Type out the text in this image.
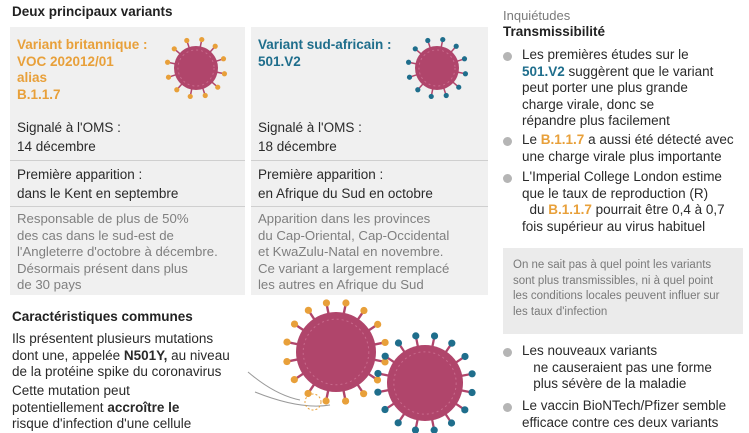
Deux principaux variants
Variant britannique :
VOC 202012/01
alias
B.1.1.7
Signalé à l'OMS :
14 décembre
Première apparition :
dans le Kent en septembre
Responsable de plus de 50%
des cas dans le sud-est de
l'Angleterre d'octobre à décembre.
Désormais présent dans plus
de 30 pays
Variant sud-africain :
501.V2
Signalé à l'OMS :
18 décembre
Première apparition :
en Afrique du Sud en octobre
Apparition dans les provinces
du Cap-Oriental, Cap-Occidental
et KwaZulu-Natal en novembre.
Ce variant a largement remplacé
les autres en Afrique du Sud
Caractéristiques communes
Ils présentent plusieurs mutations
dont une, appelée N501Y, au niveau
de la protéine spike du coronavirus
Cette mutation peut
potentiellement accroître le
risque d'infection d'une cellule
Inquiétudes
Transmissibilité
Les premières études sur le
501.V2 suggèrent que le variant
peut porter une plus grande
charge virale, donc se
répandre plus facilement
Le B.1.1.7 a aussi été détecté avec
une charge virale plus importante
L'Imperial College London estime
que le taux de reproduction (R)
du B.1.1.7 pourrait être 0,4 à 0,7
fois supérieur au virus habituel
On ne sait pas à quel point les variants
sont plus transmissibles, ni à quel point
les conditions locales peuvent influer sur
les taux d'infection
Les nouveaux variants
ne causeraient pas une forme
plus sévère de la maladie
Le vaccin BioNTech/Pfizer semble
efficace contre ces deux variants
